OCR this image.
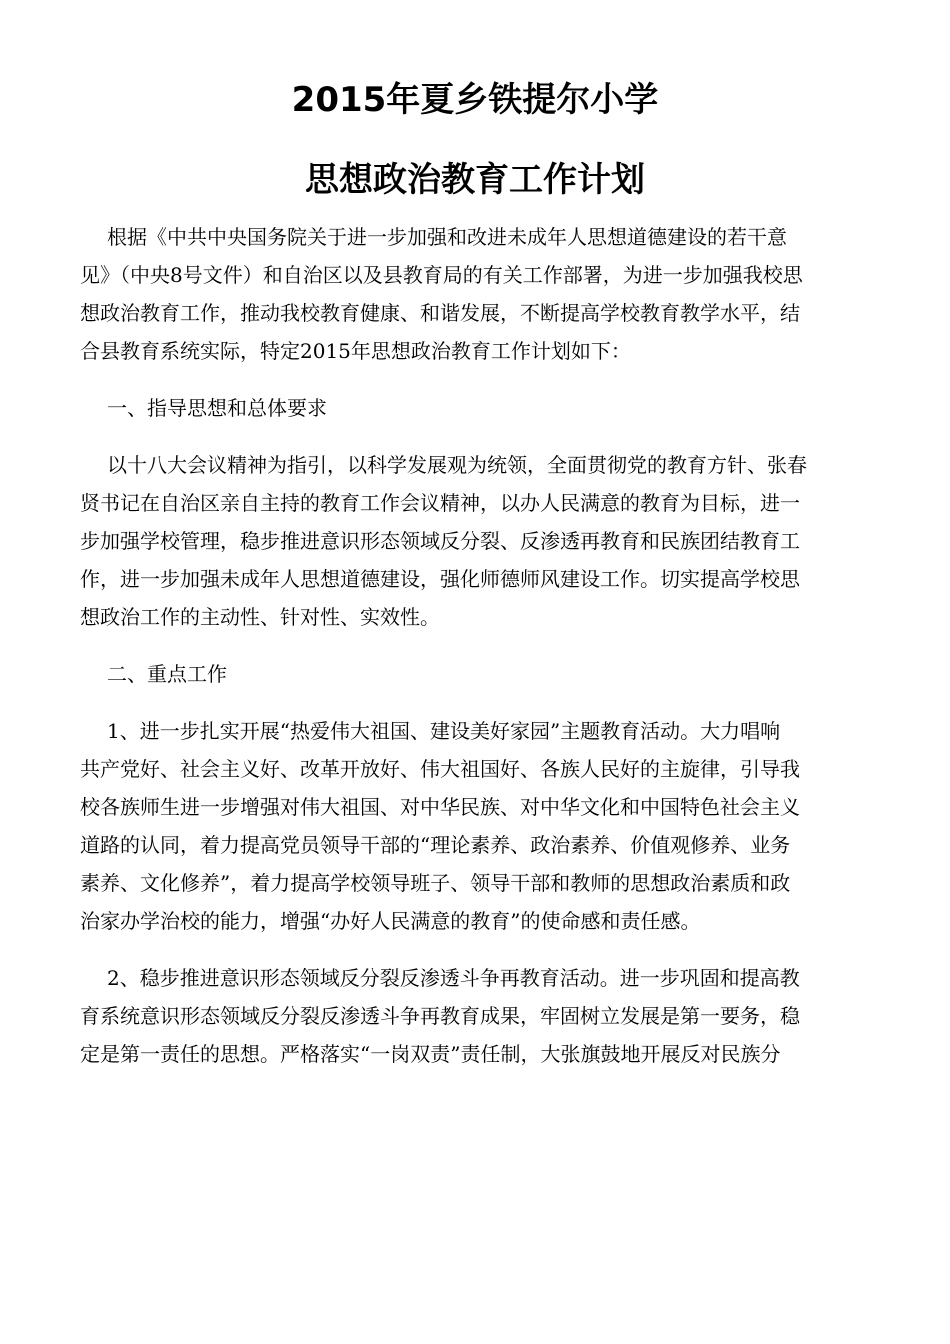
2015年夏乡铁提尔小学
思想政治教育工作计划

根据《中共中央国务院关于进一步加强和改进未成年人思想道德建设的若干意
见》（中央8号文件）和自治区以及县教育局的有关工作部署，为进一步加强我校思
想政治教育工作，推动我校教育健康、和谐发展，不断提高学校教育教学水平，结
合县教育系统实际，特定2015年思想政治教育工作计划如下：

一、指导思想和总体要求

以十八大会议精神为指引，以科学发展观为统领，全面贯彻党的教育方针、张春
贤书记在自治区亲自主持的教育工作会议精神，以办人民满意的教育为目标，进一
步加强学校管理，稳步推进意识形态领域反分裂、反渗透再教育和民族团结教育工
作，进一步加强未成年人思想道德建设，强化师德师风建设工作。切实提高学校思
想政治工作的主动性、针对性、实效性。

二、重点工作

1、进一步扎实开展“热爱伟大祖国、建设美好家园”主题教育活动。大力唱响
共产党好、社会主义好、改革开放好、伟大祖国好、各族人民好的主旋律，引导我
校各族师生进一步增强对伟大祖国、对中华民族、对中华文化和中国特色社会主义
道路的认同，着力提高党员领导干部的“理论素养、政治素养、价值观修养、业务
素养、文化修养”，着力提高学校领导班子、领导干部和教师的思想政治素质和政
治家办学治校的能力，增强“办好人民满意的教育”的使命感和责任感。

2、稳步推进意识形态领域反分裂反渗透斗争再教育活动。进一步巩固和提高教
育系统意识形态领域反分裂反渗透斗争再教育成果，牢固树立发展是第一要务，稳
定是第一责任的思想。严格落实“一岗双责”责任制，大张旗鼓地开展反对民族分
